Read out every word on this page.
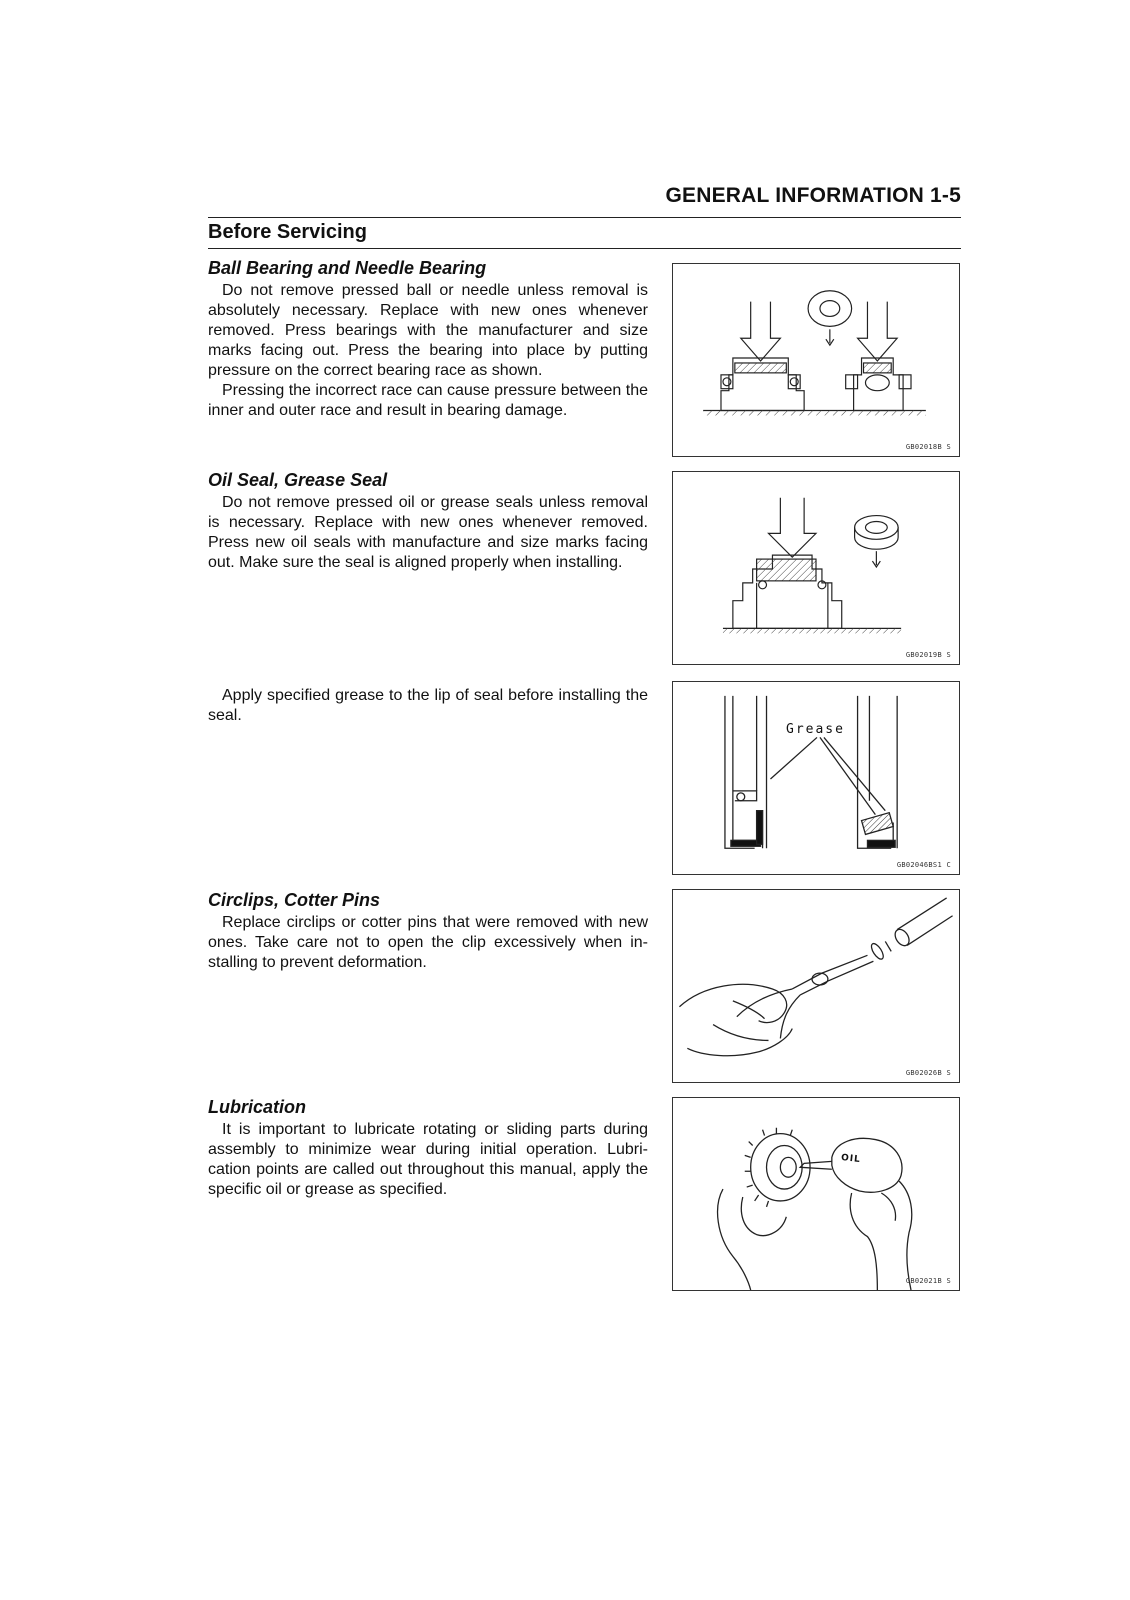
GENERAL INFORMATION 1-5
Before Servicing
Ball Bearing and Needle Bearing

Do not remove pressed ball or needle unless removal is absolutely necessary. Replace with new ones whenever removed. Press bearings with the manufacturer and size marks facing out. Press the bearing into place by putting pressure on the correct bearing race as shown.

Pressing the incorrect race can cause pressure between the inner and outer race and result in bearing damage.

GB02018B S
Oil Seal, Grease Seal

Do not remove pressed oil or grease seals unless removal is necessary. Replace with new ones whenever removed. Press new oil seals with manufacture and size marks facing out. Make sure the seal is aligned properly when installing.

GB02019B S

Apply specified grease to the lip of seal before installing the seal.

Grease
GB02046BS1 C
Circlips, Cotter Pins

Replace circlips or cotter pins that were removed with new ones. Take care not to open the clip excessively when in-stalling to prevent deformation.

GB02026B S
Lubrication

It is important to lubricate rotating or sliding parts during assembly to minimize wear during initial operation. Lubri-cation points are called out throughout this manual, apply the specific oil or grease as specified.

OIL
GB02021B S
